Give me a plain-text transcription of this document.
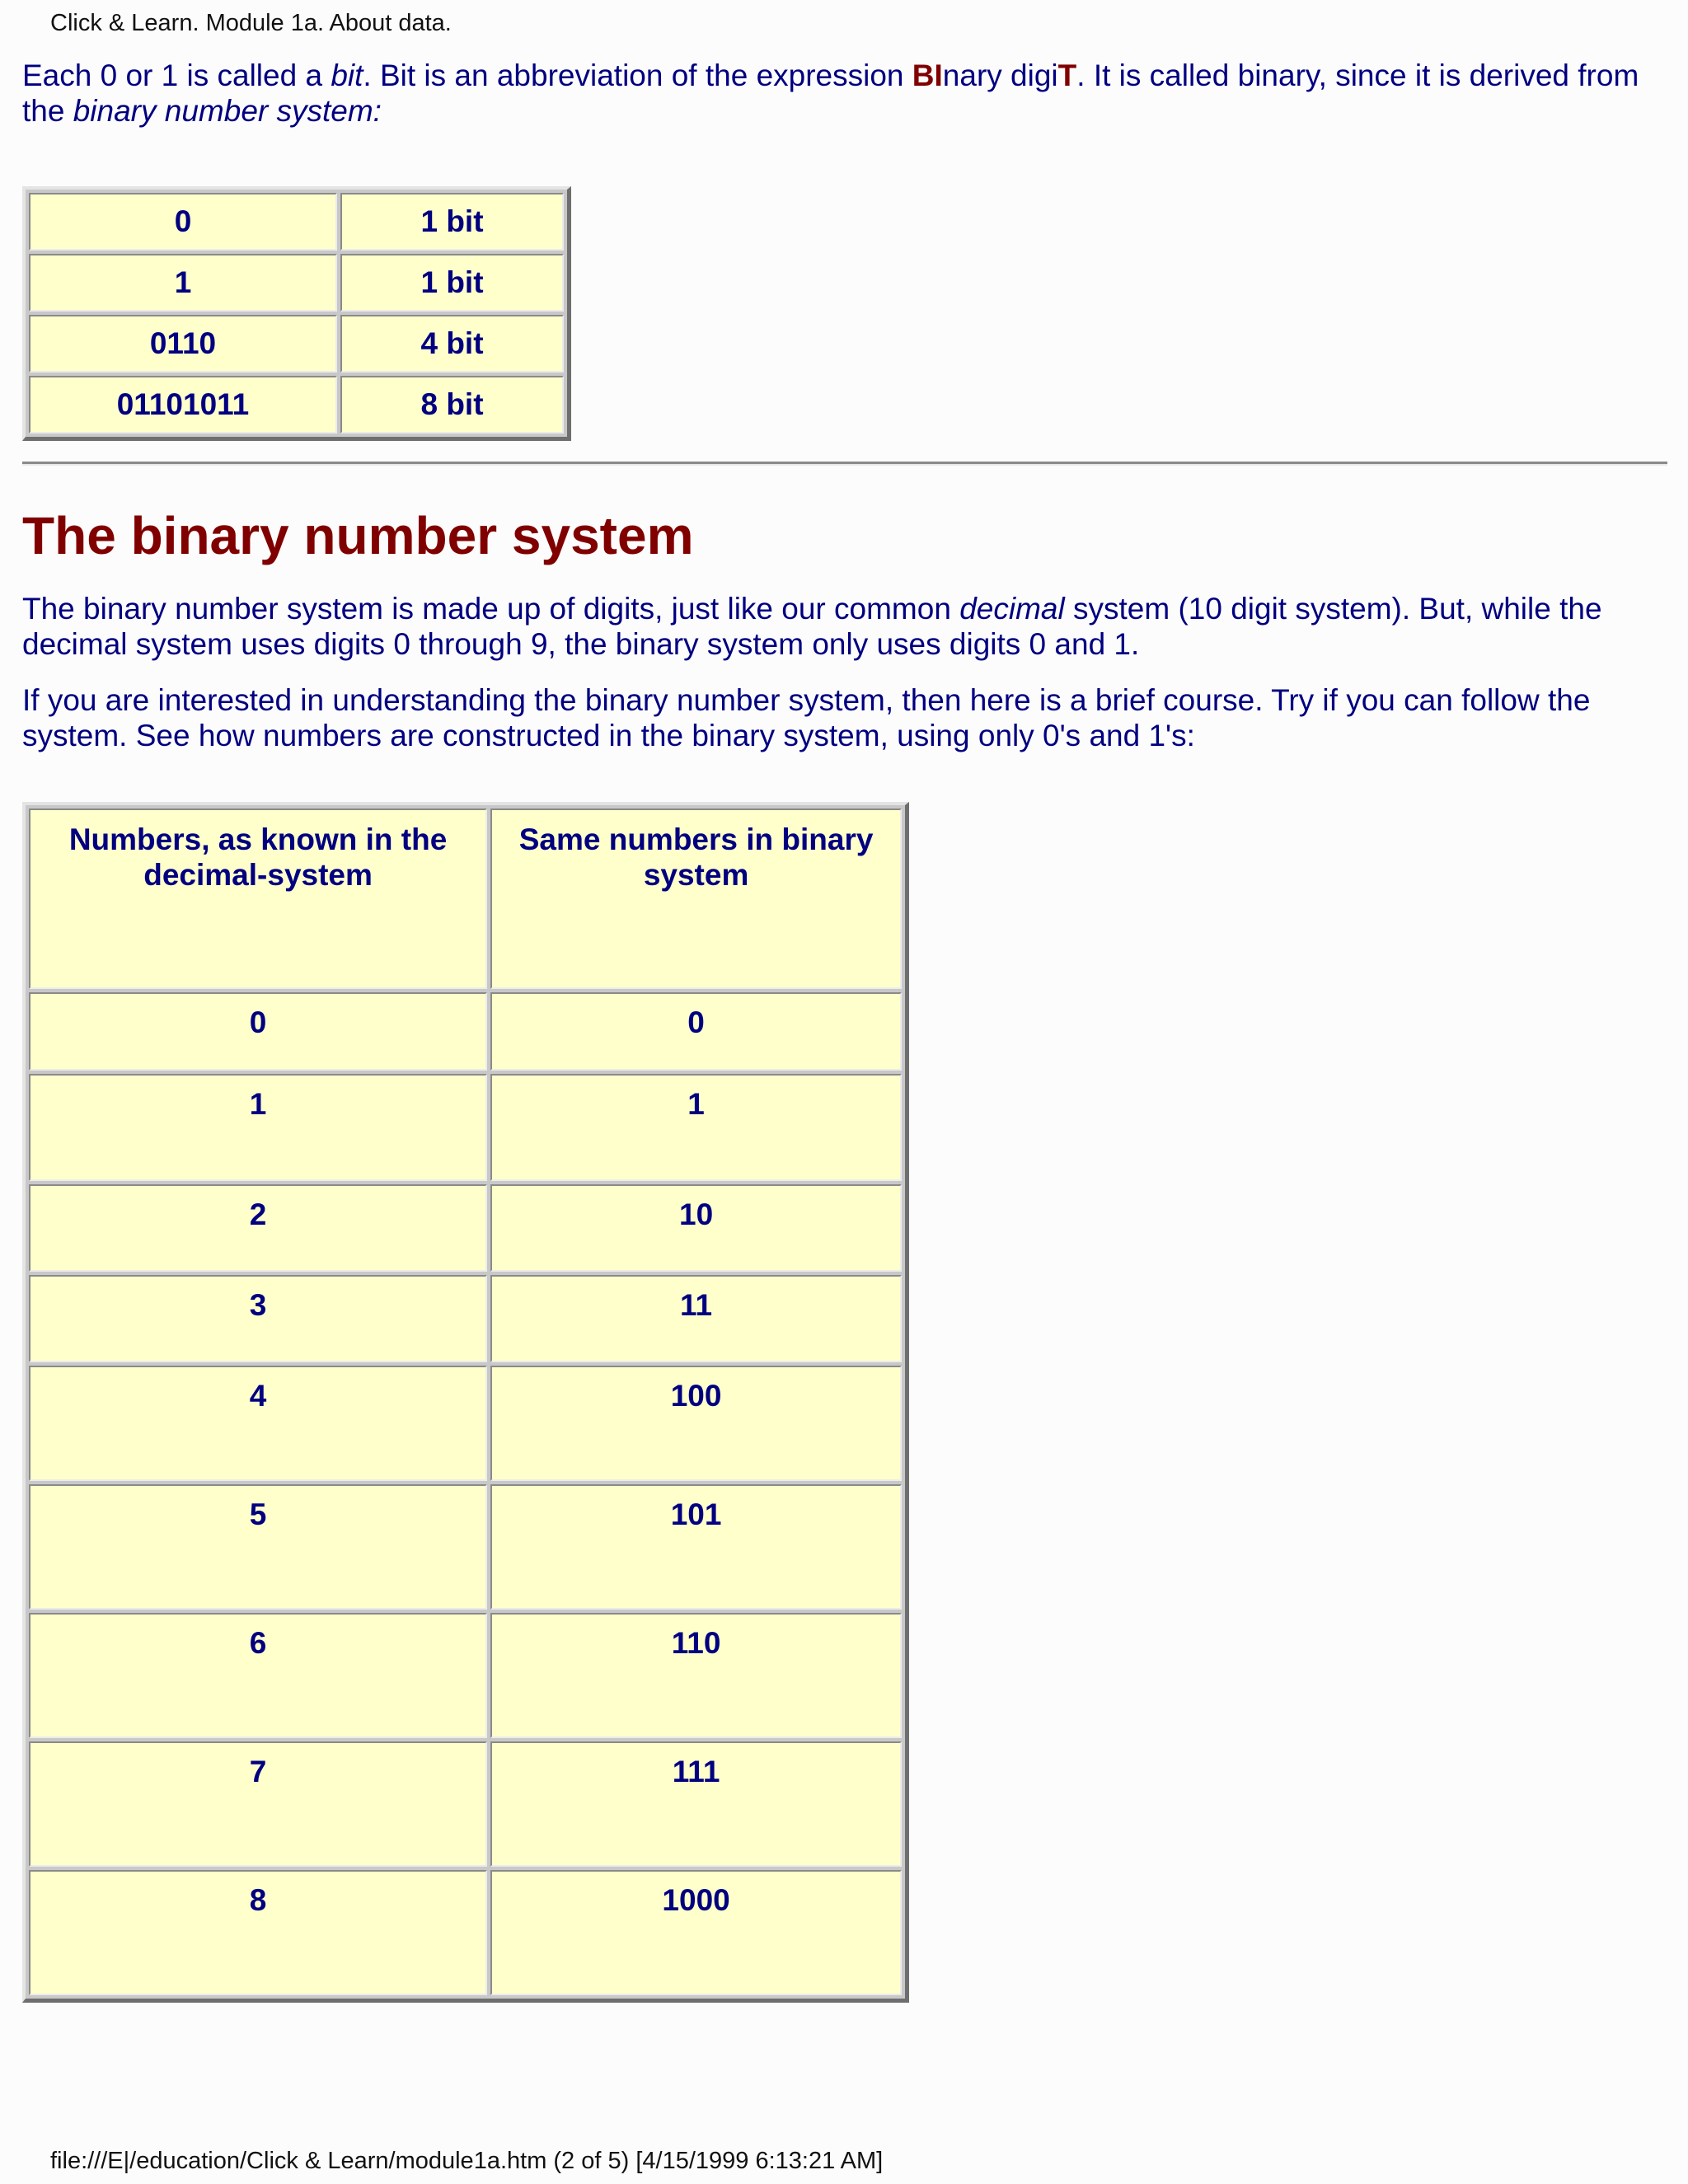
Click & Learn. Module 1a. About data.

Each 0 or 1 is called a bit. Bit is an abbreviation of the expression BInary digiT. It is called binary, since it is derived from the binary number system:

0	1 bit
1	1 bit
0110	4 bit
01101011	8 bit
The binary number system

The binary number system is made up of digits, just like our common decimal system (10 digit system). But, while the decimal system uses digits 0 through 9, the binary system only uses digits 0 and 1.

If you are interested in understanding the binary number system, then here is a brief course. Try if you can follow the system. See how numbers are constructed in the binary system, using only 0's and 1's:

Numbers, as known in the decimal-system	Same numbers in binary system
0	0
1	1
2	10
3	11
4	100
5	101
6	110
7	111
8	1000
file:///E|/education/Click & Learn/module1a.htm (2 of 5) [4/15/1999 6:13:21 AM]
